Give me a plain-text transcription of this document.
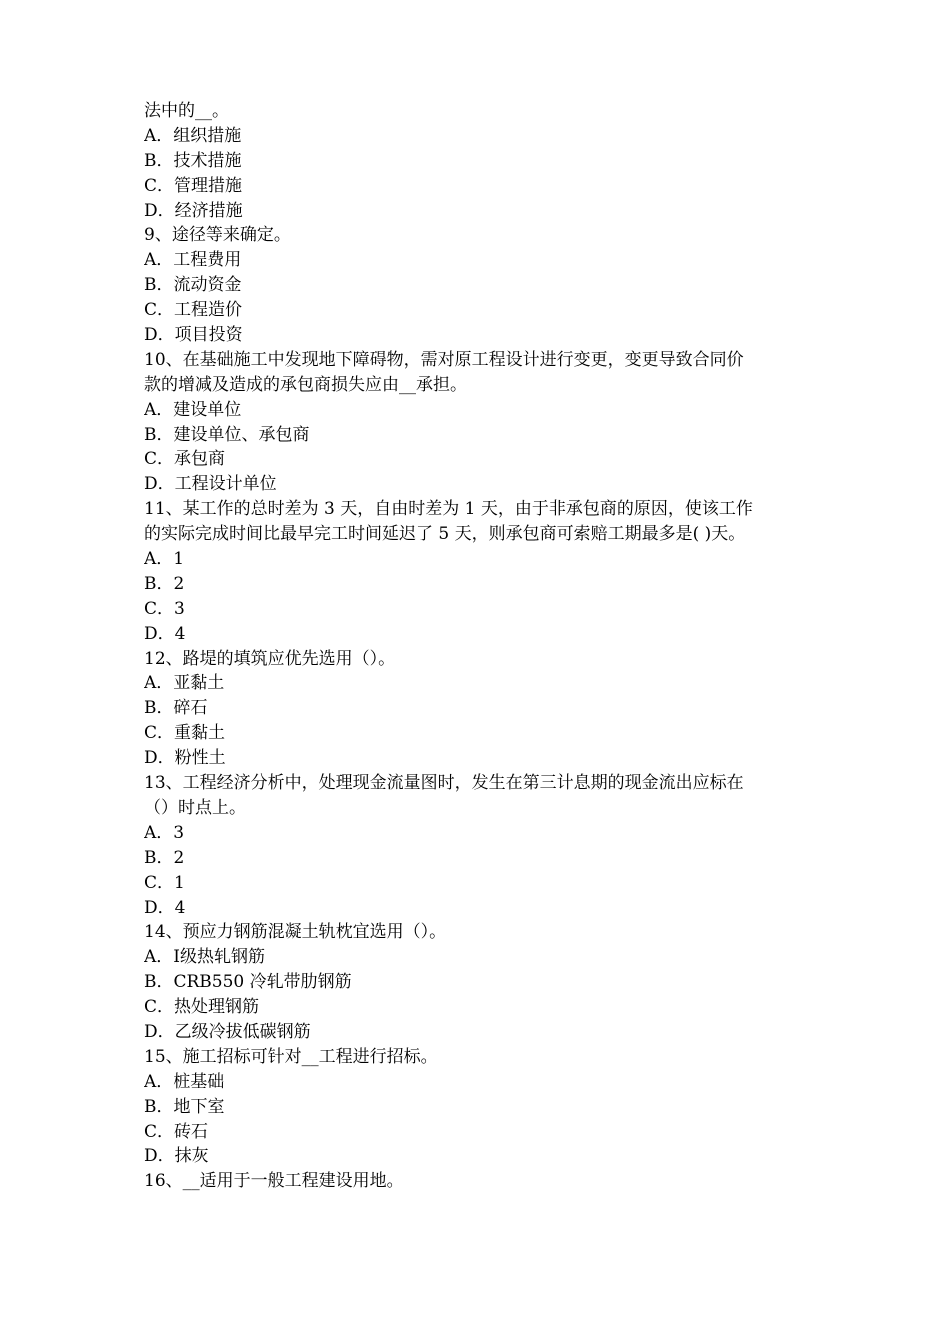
法中的__。
A．组织措施
B．技术措施
C．管理措施
D．经济措施
9、途径等来确定。
A．工程费用
B．流动资金
C．工程造价
D．项目投资
10、在基础施工中发现地下障碍物，需对原工程设计进行变更，变更导致合同价
款的增减及造成的承包商损失应由__承担。
A．建设单位
B．建设单位、承包商
C．承包商
D．工程设计单位
11、某工作的总时差为 3 天，自由时差为 1 天，由于非承包商的原因，使该工作
的实际完成时间比最早完工时间延迟了 5 天，则承包商可索赔工期最多是( )天。
A．1
B．2
C．3
D．4
12、路堤的填筑应优先选用（）。
A．亚黏土
B．碎石
C．重黏土
D．粉性土
13、工程经济分析中，处理现金流量图时，发生在第三计息期的现金流出应标在
（）时点上。
A．3
B．2
C．1
D．4
14、预应力钢筋混凝土轨枕宜选用（）。
A．Ⅰ级热轧钢筋
B．CRB550 冷轧带肋钢筋
C．热处理钢筋
D．乙级冷拔低碳钢筋
15、施工招标可针对__工程进行招标。
A．桩基础
B．地下室
C．砖石
D．抹灰
16、__适用于一般工程建设用地。
